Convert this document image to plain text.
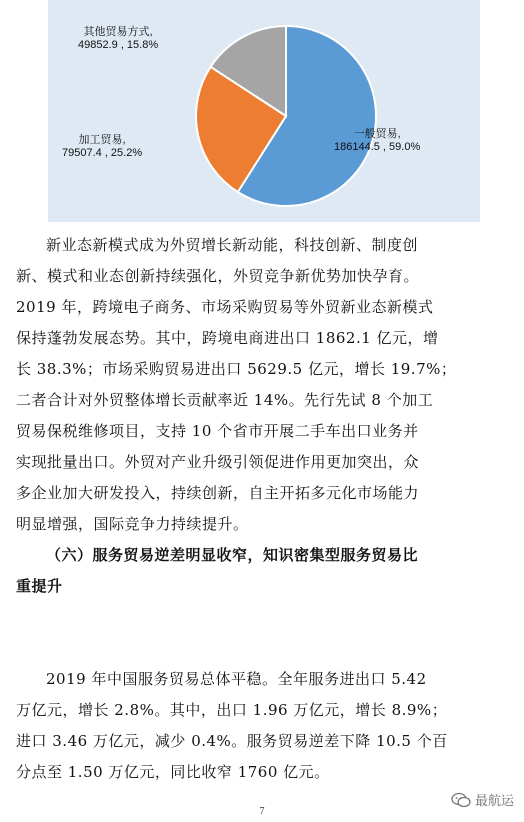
一般贸易,
186144.5 , 59.0%
加工贸易,
79507.4 , 25.2%
其他贸易方式,
49852.9 , 15.8%
新业态新模式成为外贸增长新动能，科技创新、制度创
新、模式和业态创新持续强化，外贸竞争新优势加快孕育。
2019 年，跨境电子商务、市场采购贸易等外贸新业态新模式
保持蓬勃发展态势。其中，跨境电商进出口 1862.1 亿元，增
长 38.3%；市场采购贸易进出口 5629.5 亿元，增长 19.7%；
二者合计对外贸整体增长贡献率近 14%。先行先试 8 个加工
贸易保税维修项目，支持 10 个省市开展二手车出口业务并
实现批量出口。外贸对产业升级引领促进作用更加突出，众
多企业加大研发投入，持续创新，自主开拓多元化市场能力
明显增强，国际竞争力持续提升。
（六）服务贸易逆差明显收窄，知识密集型服务贸易比
重提升
2019 年中国服务贸易总体平稳。全年服务进出口 5.42
万亿元，增长 2.8%。其中，出口 1.96 万亿元，增长 8.9%；
进口 3.46 万亿元，减少 0.4%。服务贸易逆差下降 10.5 个百
分点至 1.50 万亿元，同比收窄 1760 亿元。
7
最航运
